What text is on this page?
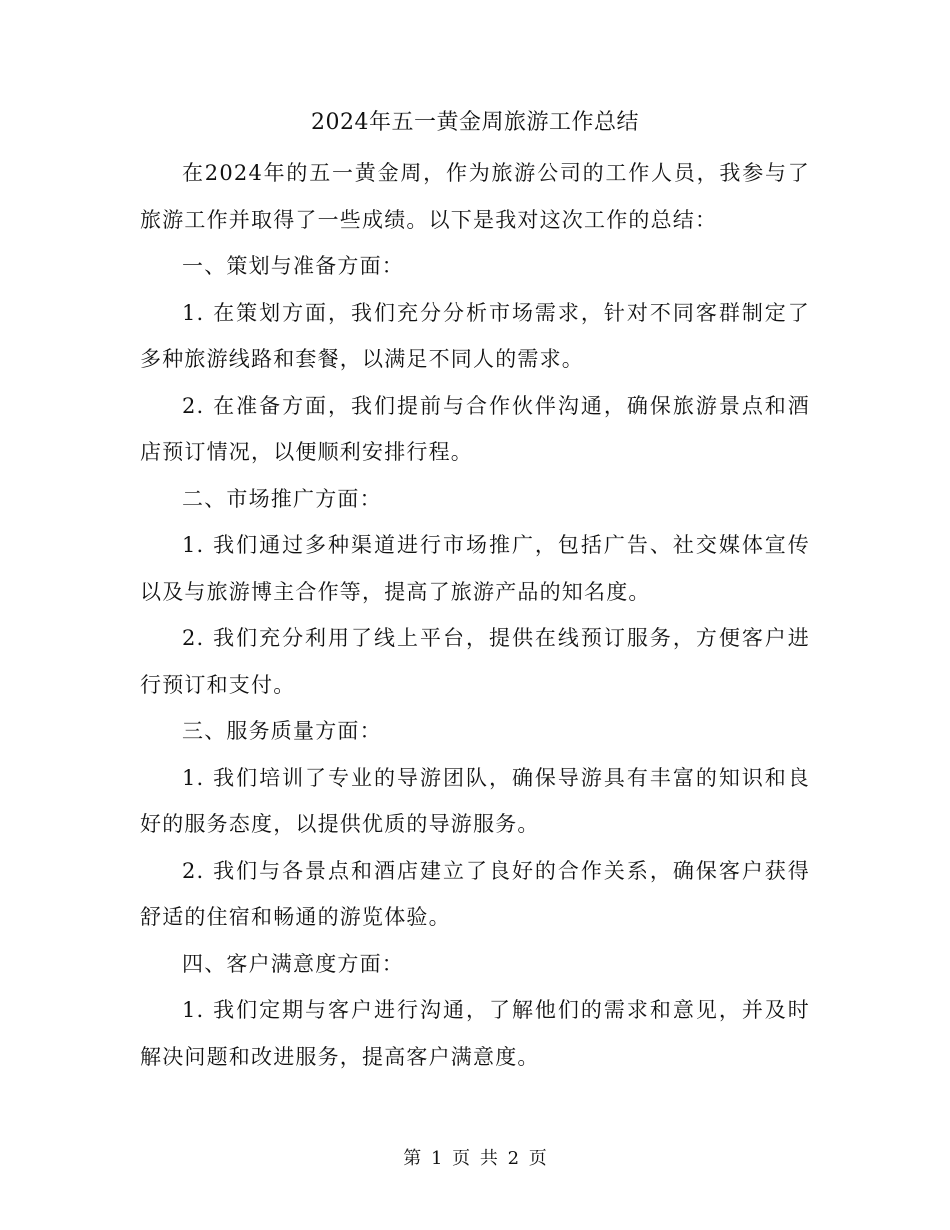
2024年五一黄金周旅游工作总结

在2024年的五一黄金周，作为旅游公司的工作人员，我参与了旅游工作并取得了一些成绩。以下是我对这次工作的总结：

一、策划与准备方面：

1. 在策划方面，我们充分分析市场需求，针对不同客群制定了多种旅游线路和套餐，以满足不同人的需求。

2. 在准备方面，我们提前与合作伙伴沟通，确保旅游景点和酒店预订情况，以便顺利安排行程。

二、市场推广方面：

1. 我们通过多种渠道进行市场推广，包括广告、社交媒体宣传以及与旅游博主合作等，提高了旅游产品的知名度。

2. 我们充分利用了线上平台，提供在线预订服务，方便客户进行预订和支付。

三、服务质量方面：

1. 我们培训了专业的导游团队，确保导游具有丰富的知识和良好的服务态度，以提供优质的导游服务。

2. 我们与各景点和酒店建立了良好的合作关系，确保客户获得舒适的住宿和畅通的游览体验。

四、客户满意度方面：

1. 我们定期与客户进行沟通，了解他们的需求和意见，并及时解决问题和改进服务，提高客户满意度。

第 1 页 共 2 页
